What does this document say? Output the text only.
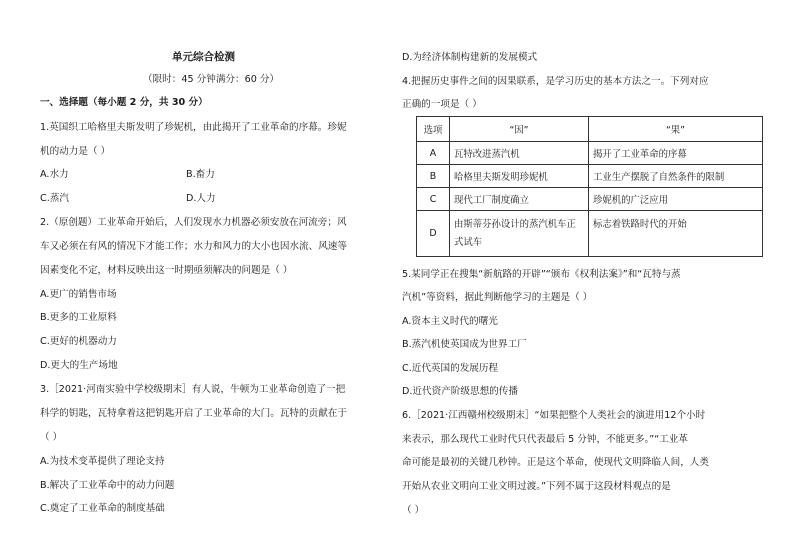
单元综合检测
（限时：45 分钟满分：60 分）
一、选择题（每小题 2 分，共 30 分）
1.英国织工哈格里夫斯发明了珍妮机，由此揭开了工业革命的序幕。珍妮
机的动力是（ ）
A.水力	B.畜力
C.蒸汽	D.人力
2.（原创题）工业革命开始后，人们发现水力机器必须安放在河流旁；风
车又必须在有风的情况下才能工作；水力和风力的大小也因水流、风速等
因素变化不定，材料反映出这一时期亟须解决的问题是（ ）
A.更广的销售市场
B.更多的工业原料
C.更好的机器动力
D.更大的生产场地
3.［2021·河南实验中学校级期末］有人说，牛顿为工业革命创造了一把
科学的钥匙，瓦特拿着这把钥匙开启了工业革命的大门。瓦特的贡献在于
（ ）
A.为技术变革提供了理论支持
B.解决了工业革命中的动力问题
C.奠定了工业革命的制度基础
D.为经济体制构建新的发展模式
4.把握历史事件之间的因果联系，是学习历史的基本方法之一。下列对应
正确的一项是（ ）
选项	“因”	“果”
A	瓦特改进蒸汽机	揭开了工业革命的序幕
B	哈格里夫斯发明珍妮机	工业生产摆脱了自然条件的限制
C	现代工厂制度确立	珍妮机的广泛应用
D	由斯蒂芬孙设计的蒸汽机车正式试车	标志着铁路时代的开始
5.某同学正在搜集“新航路的开辟”“颁布《权利法案》”和“瓦特与蒸
汽机”等资料，据此判断他学习的主题是（ ）
A.资本主义时代的曙光
B.蒸汽机使英国成为世界工厂
C.近代英国的发展历程
D.近代资产阶级思想的传播
6.［2021·江西赣州校级期末］“如果把整个人类社会的演进用12个小时
来表示，那么现代工业时代只代表最后 5 分钟，不能更多。”“工业革
命可能是最初的关键几秒钟。正是这个革命，使现代文明降临人间，人类
开始从农业文明向工业文明过渡。”下列不属于这段材料观点的是
（ ）
